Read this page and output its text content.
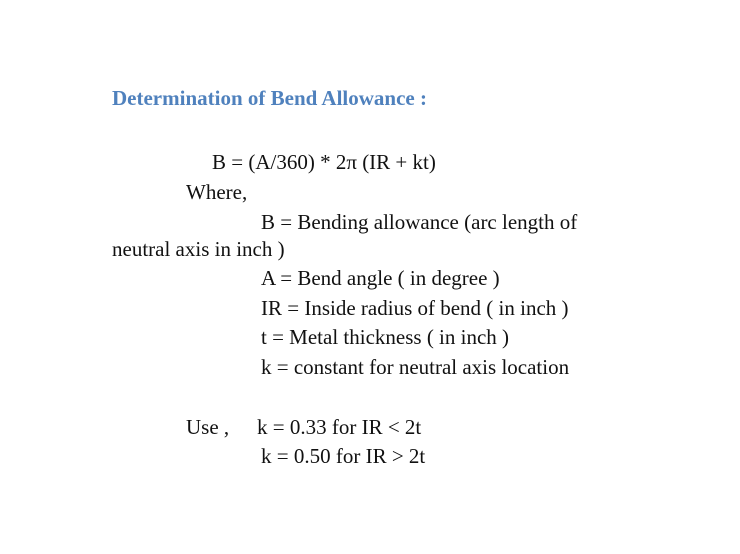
Determination of Bend Allowance :
B = (A/360) * 2π (IR + kt)
Where,
B = Bending allowance (arc length of
neutral axis in inch )
A = Bend angle ( in degree )
IR = Inside radius of bend ( in inch )
t = Metal thickness ( in inch )
k = constant for neutral axis location
Use , k = 0.33 for IR < 2t
k = 0.50 for IR > 2t
